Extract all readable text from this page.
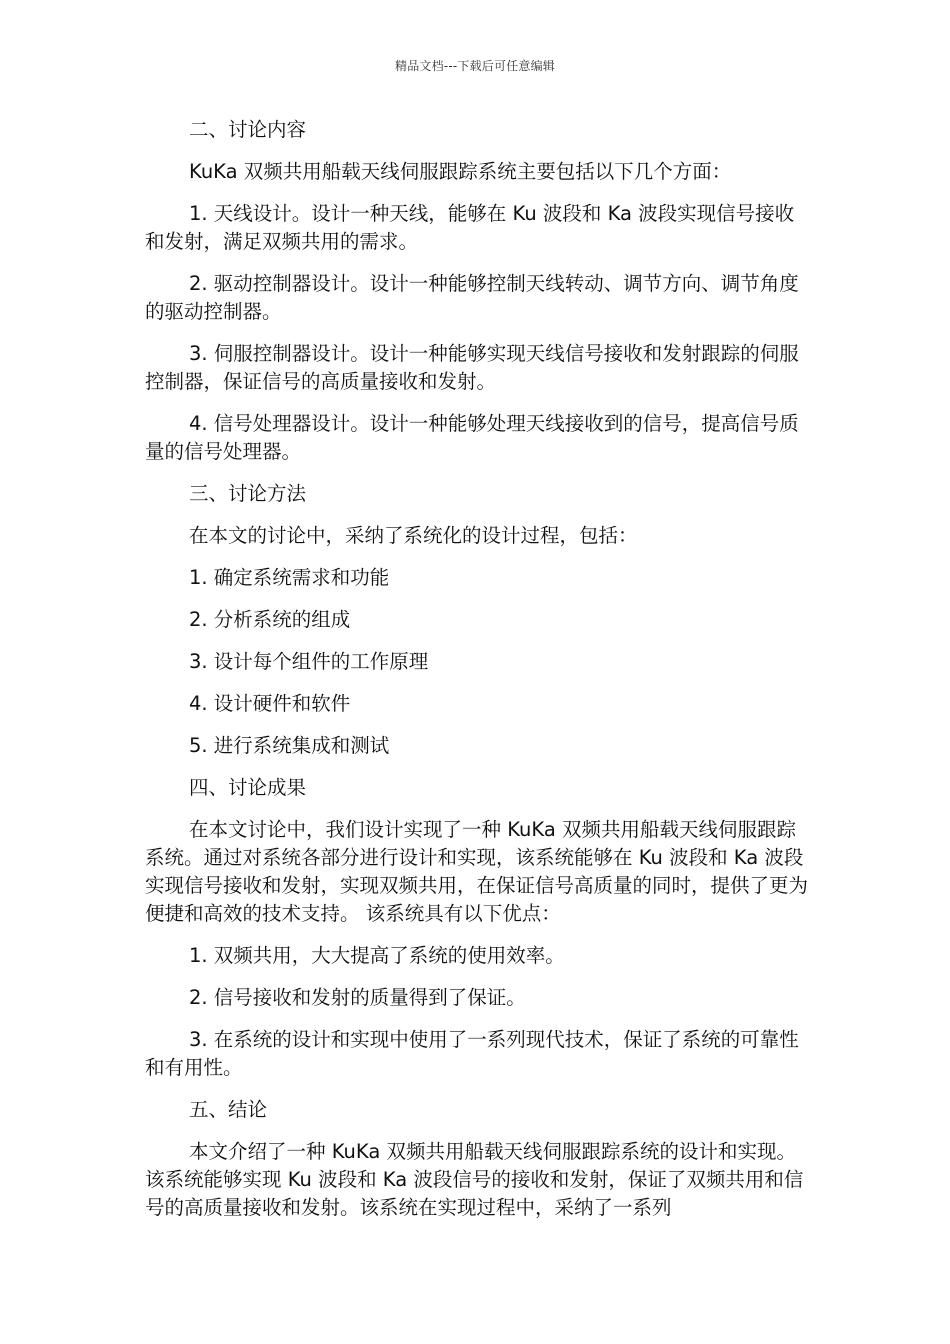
精品文档---下载后可任意编辑

二、讨论内容

KuKa 双频共用船载天线伺服跟踪系统主要包括以下几个方面：

1. 天线设计。设计一种天线，能够在 Ku 波段和 Ka 波段实现信号接收和发射，满足双频共用的需求。

2. 驱动控制器设计。设计一种能够控制天线转动、调节方向、调节角度的驱动控制器。

3. 伺服控制器设计。设计一种能够实现天线信号接收和发射跟踪的伺服控制器，保证信号的高质量接收和发射。

4. 信号处理器设计。设计一种能够处理天线接收到的信号，提高信号质量的信号处理器。

三、讨论方法

在本文的讨论中，采纳了系统化的设计过程，包括：

1. 确定系统需求和功能

2. 分析系统的组成

3. 设计每个组件的工作原理

4. 设计硬件和软件

5. 进行系统集成和测试

四、讨论成果

在本文讨论中，我们设计实现了一种 KuKa 双频共用船载天线伺服跟踪系统。通过对系统各部分进行设计和实现，该系统能够在 Ku 波段和 Ka 波段实现信号接收和发射，实现双频共用，在保证信号高质量的同时，提供了更为便捷和高效的技术支持。 该系统具有以下优点：

1. 双频共用，大大提高了系统的使用效率。

2. 信号接收和发射的质量得到了保证。

3. 在系统的设计和实现中使用了一系列现代技术，保证了系统的可靠性和有用性。

五、结论

本文介绍了一种 KuKa 双频共用船载天线伺服跟踪系统的设计和实现。该系统能够实现 Ku 波段和 Ka 波段信号的接收和发射，保证了双频共用和信号的高质量接收和发射。该系统在实现过程中，采纳了一系列
